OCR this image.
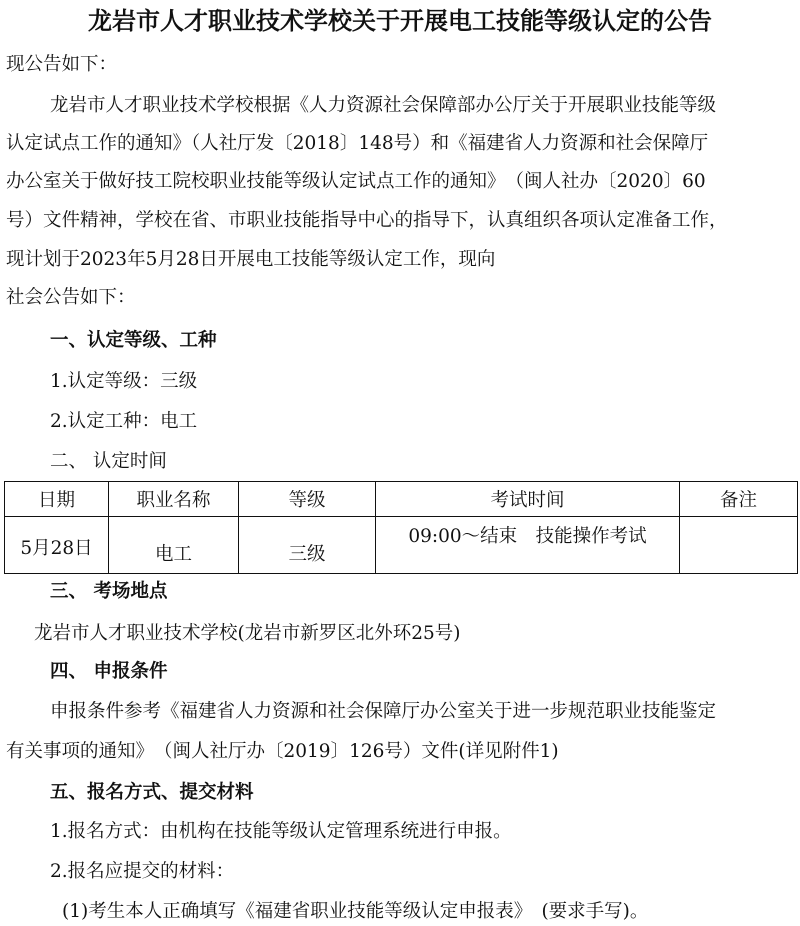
龙岩市人才职业技术学校关于开展电工技能等级认定的公告
现公告如下：
龙岩市人才职业技术学校根据《人力资源社会保障部办公厅关于开展职业技能等级
认定试点工作的通知》（人社厅发〔2018〕148号）和《福建省人力资源和社会保障厅
办公室关于做好技工院校职业技能等级认定试点工作的通知》　（闽人社办〔2020〕60
号）文件精神，学校在省、市职业技能指导中心的指导下，认真组织各项认定准备工作，
现计划于2023年5月28日开展电工技能等级认定工作，现向
社会公告如下：
一、认定等级、工种
1.认定等级：三级
2.认定工种：电工
二、 认定时间
日期	职业名称	等级	考试时间	备注
5月28日	电工	三级	09:00～结束　技能操作考试	
三、 考场地点
龙岩市人才职业技术学校(龙岩市新罗区北外环25号)
四、 申报条件
申报条件参考《福建省人力资源和社会保障厅办公室关于进一步规范职业技能鉴定
有关事项的通知》　（闽人社厅办〔2019〕126号）文件(详见附件1)
五、报名方式、提交材料
1.报名方式：由机构在技能等级认定管理系统进行申报。
2.报名应提交的材料：
(1)考生本人正确填写《福建省职业技能等级认定申报表》　(要求手写)。
